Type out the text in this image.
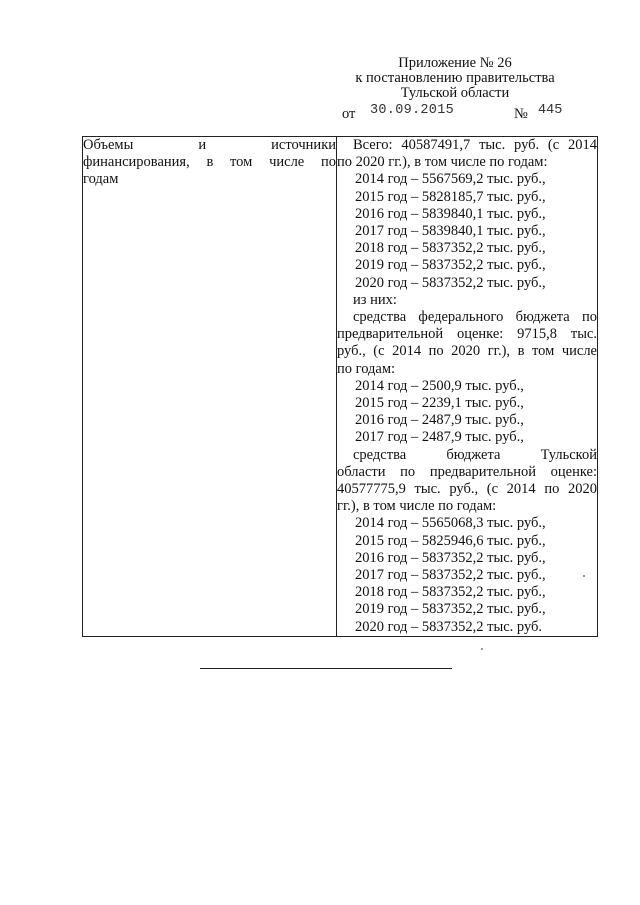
Приложение № 26
к постановлению правительства
Тульской области
от 30.09.2015	№ 445
Объемы и источники
финансирования, в том числе по
годам

Всего: 40587491,7 тыс. руб. (с 2014
по 2020 гг.), в том числе по годам:
2014 год – 5567569,2 тыс. руб.,
2015 год – 5828185,7 тыс. руб.,
2016 год – 5839840,1 тыс. руб.,
2017 год – 5839840,1 тыс. руб.,
2018 год – 5837352,2 тыс. руб.,
2019 год – 5837352,2 тыс. руб.,
2020 год – 5837352,2 тыс. руб.,
из них:
средства федерального бюджета по
предварительной оценке: 9715,8 тыс.
руб., (с 2014 по 2020 гг.), в том числе
по годам:
2014 год – 2500,9 тыс. руб.,
2015 год – 2239,1 тыс. руб.,
2016 год – 2487,9 тыс. руб.,
2017 год – 2487,9 тыс. руб.,
средства бюджета Тульской
области по предварительной оценке:
40577775,9 тыс. руб., (с 2014 по 2020
гг.), в том числе по годам:
2014 год – 5565068,3 тыс. руб.,
2015 год – 5825946,6 тыс. руб.,
2016 год – 5837352,2 тыс. руб.,
2017 год – 5837352,2 тыс. руб.,
2018 год – 5837352,2 тыс. руб.,
2019 год – 5837352,2 тыс. руб.,
2020 год – 5837352,2 тыс. руб.
